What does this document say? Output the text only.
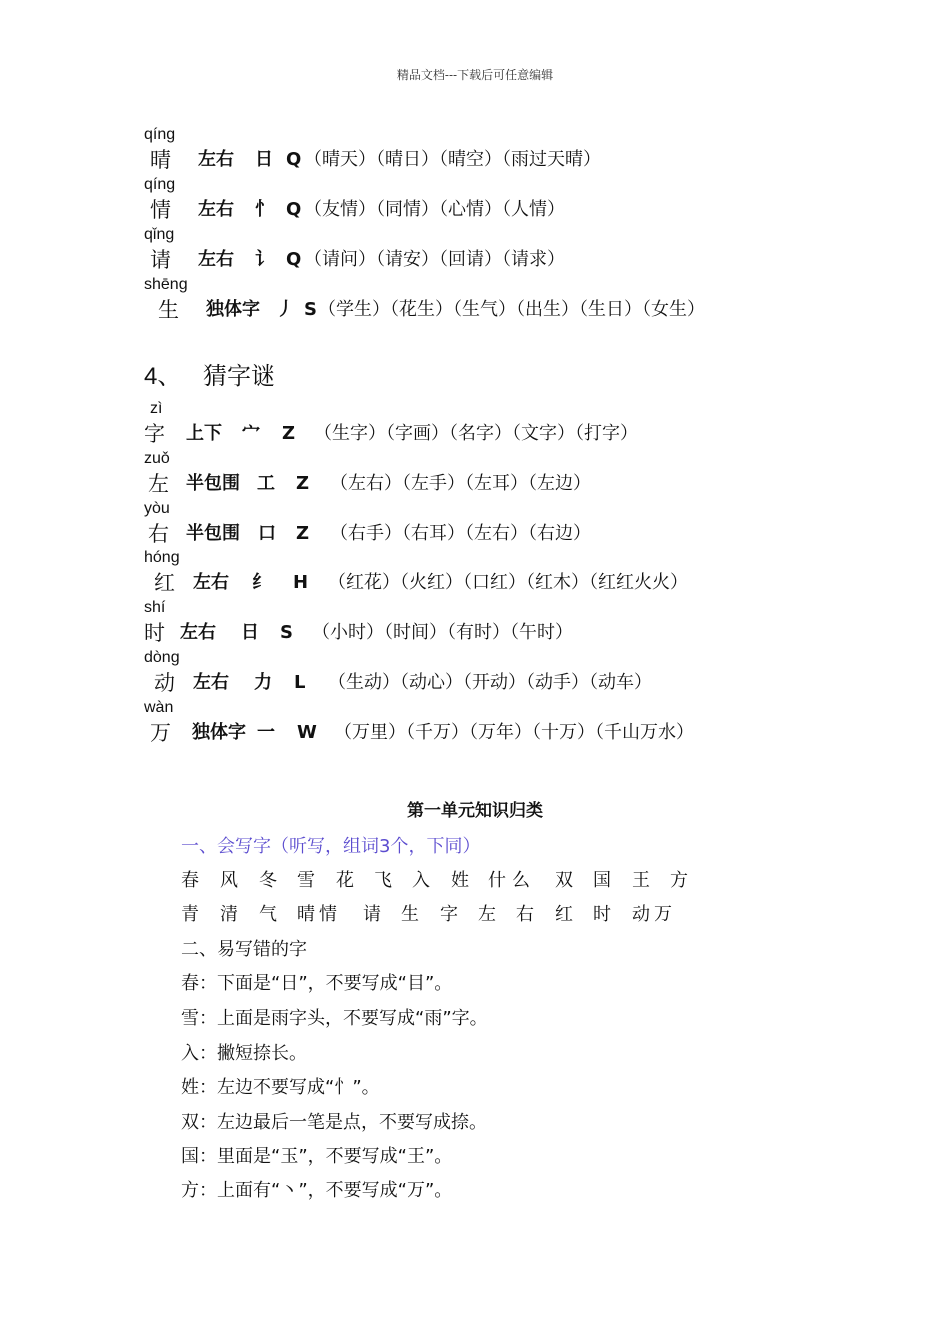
精品文档---下载后可任意编辑
qíng
晴 左右 日 Q （晴天）（晴日）（晴空）（雨过天晴）
qíng
情 左右 忄 Q （友情）（同情）（心情）（人情）
qǐng
请 左右 讠 Q （请问）（请安）（回请）（请求）
shēng
生 独体字 丿 S （学生）（花生）（生气）（出生）（生日）（女生）
4、 猜字谜
zì
字 上下 宀 Z （生字）（字画）（名字）（文字）（打字）
zuǒ
左 半包围 工 Z （左右）（左手）（左耳）（左边）
yòu
右 半包围 口 Z （右手）（右耳）（左右）（右边）
hóng
红 左右 纟 H （红花）（火红）（口红）（红木）（红红火火）
shí
时 左右 日 S （小时）（时间）（有时）（午时）
dòng
动 左右 力 L （生动）（动心）（开动）（动手）（动车）
wàn
万 独体字 一 W （万里）（千万）（万年）（十万）（千山万水）
第一单元知识归类
一、会写字（听写，组词3个，下同）
春 风 冬 雪 花 飞 入 姓 什么 双 国 王 方
青 清 气 晴情 请 生 字 左 右 红 时 动万
二、易写错的字
春：下面是“日”，不要写成“目”。
雪：上面是雨字头，不要写成“雨”字。
入：撇短捺长。
姓：左边不要写成“忄”。
双：左边最后一笔是点，不要写成捺。
国：里面是“玉”，不要写成“王”。
方：上面有“丶”，不要写成“万”。
